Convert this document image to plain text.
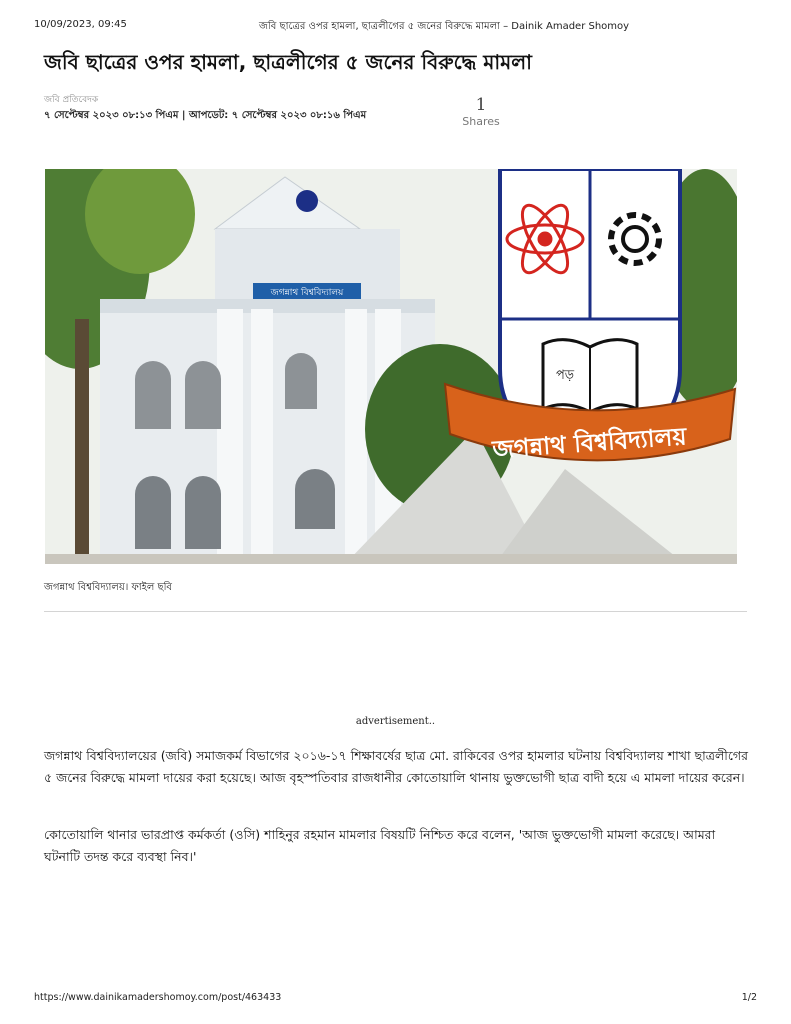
10/09/2023, 09:45	জবি ছাত্রের ওপর হামলা, ছাত্রলীগের ৫ জনের বিরুদ্ধে মামলা – Dainik Amader Shomoy
জবি ছাত্রের ওপর হামলা, ছাত্রলীগের ৫ জনের বিরুদ্ধে মামলা
জবি প্রতিবেদক
৭ সেপ্টেম্বর ২০২৩ ০৮:১৩ পিএম | আপডেট: ৭ সেপ্টেম্বর ২০২৩ ০৮:১৬ পিএম
1
Shares
জগন্নাথ বিশ্ববিদ্যালয়
পড়
জগন্নাথ বিশ্ববিদ্যালয়
জগন্নাথ বিশ্ববিদ্যালয়। ফাইল ছবি
advertisement..

জগন্নাথ বিশ্ববিদ্যালয়ের (জবি) সমাজকর্ম বিভাগের ২০১৬-১৭ শিক্ষাবর্ষের ছাত্র মো. রাকিবের ওপর হামলার ঘটনায় বিশ্ববিদ্যালয় শাখা ছাত্রলীগের ৫ জনের বিরুদ্ধে মামলা দায়ের করা হয়েছে। আজ বৃহস্পতিবার রাজধানীর কোতোয়ালি থানায় ভুক্তভোগী ছাত্র বাদী হয়ে এ মামলা দায়ের করেন।

কোতোয়ালি থানার ভারপ্রাপ্ত কর্মকর্তা (ওসি) শাহিনুর রহমান মামলার বিষয়টি নিশ্চিত করে বলেন, 'আজ ভুক্তভোগী মামলা করেছে। আমরা ঘটনাটি তদন্ত করে ব্যবস্থা নিব।'

https://www.dainikamadershomoy.com/post/463433	1/2
